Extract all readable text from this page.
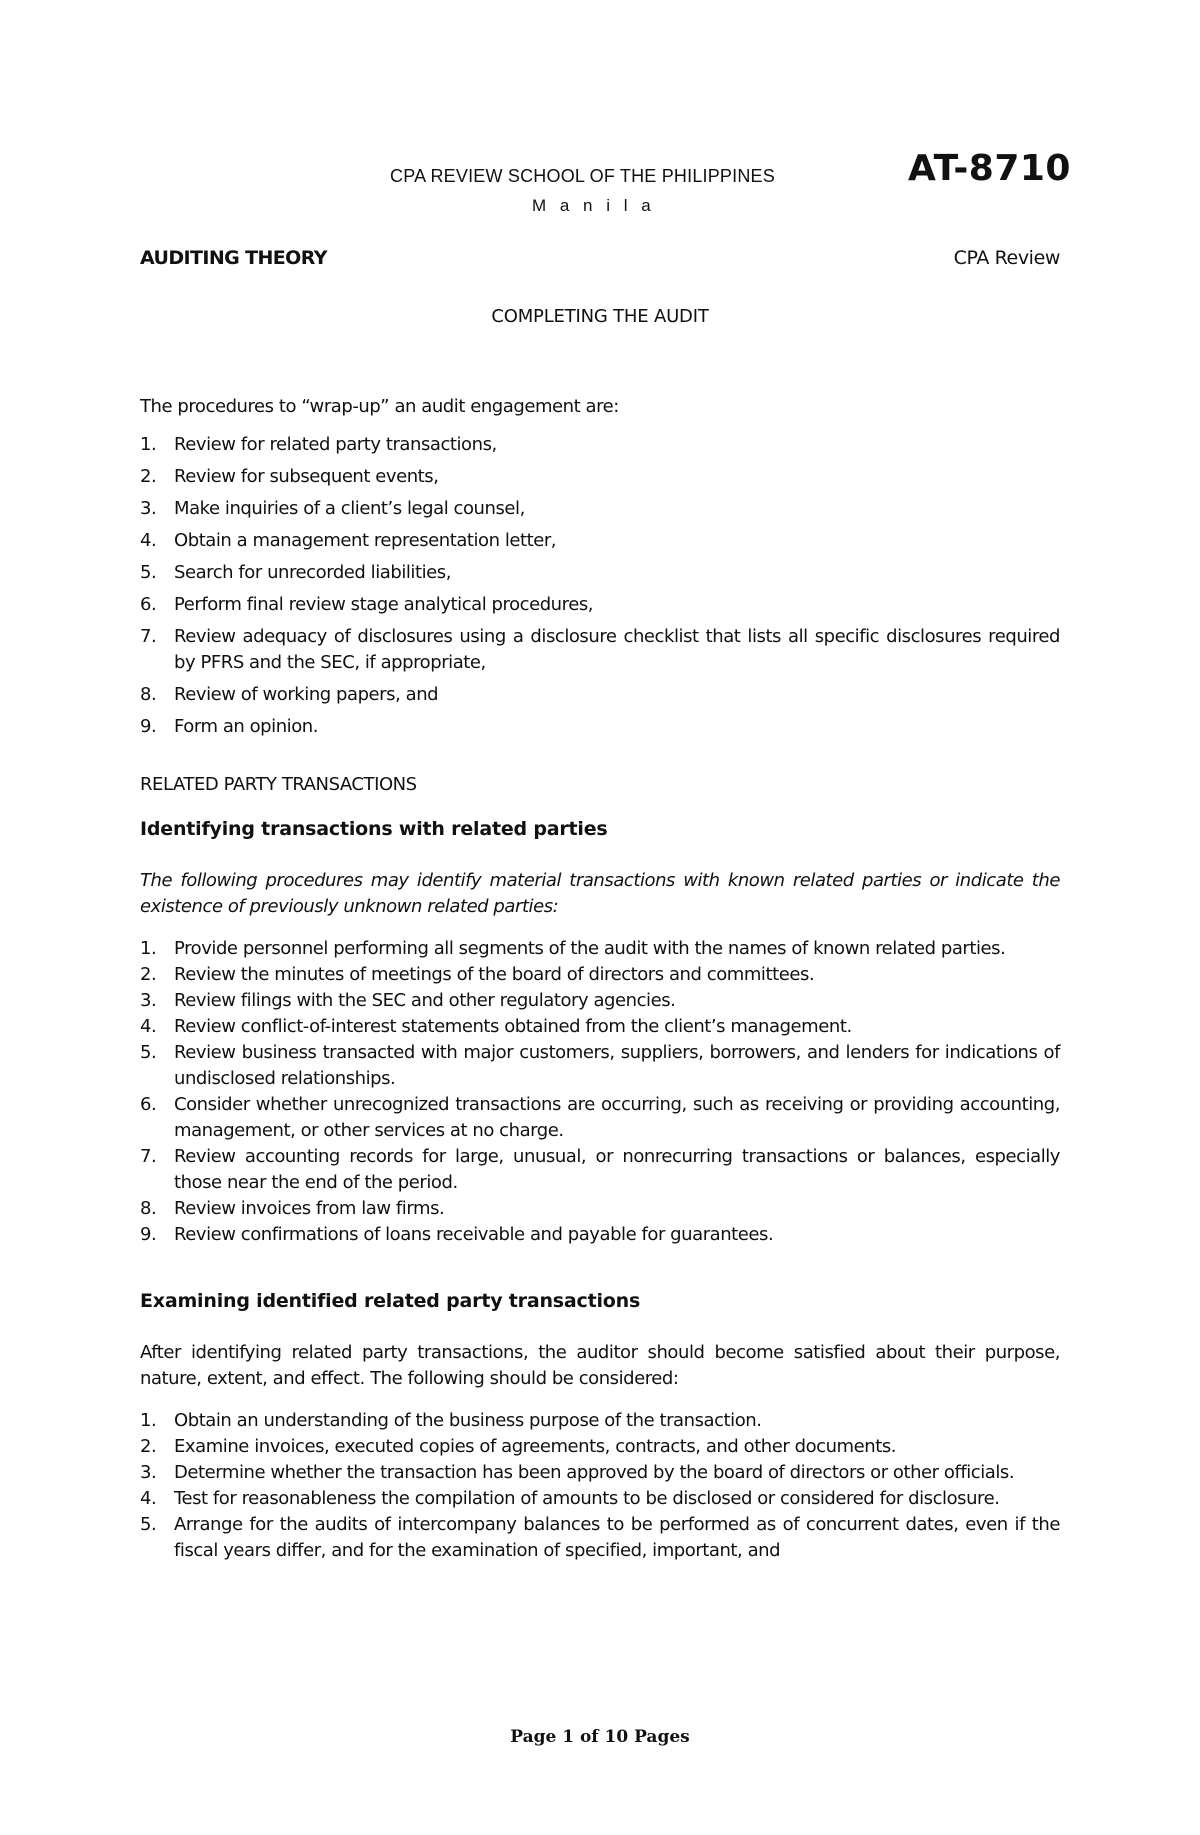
CPA REVIEW SCHOOL OF THE PHILIPPINES
M a n i l a
AT-8710
AUDITING THEORY	CPA Review
COMPLETING THE AUDIT

The procedures to “wrap-up” an audit engagement are:

1. Review for related party transactions,
2. Review for subsequent events,
3. Make inquiries of a client’s legal counsel,
4. Obtain a management representation letter,
5. Search for unrecorded liabilities,
6. Perform final review stage analytical procedures,
7. Review adequacy of disclosures using a disclosure checklist that lists all specific disclosures required by PFRS and the SEC, if appropriate,
8. Review of working papers, and
9. Form an opinion.

RELATED PARTY TRANSACTIONS

Identifying transactions with related parties

The following procedures may identify material transactions with known related parties or indicate the existence of previously unknown related parties:

1. Provide personnel performing all segments of the audit with the names of known related parties.
2. Review the minutes of meetings of the board of directors and committees.
3. Review filings with the SEC and other regulatory agencies.
4. Review conflict-of-interest statements obtained from the client’s management.
5. Review business transacted with major customers, suppliers, borrowers, and lenders for indications of undisclosed relationships.
6. Consider whether unrecognized transactions are occurring, such as receiving or providing accounting, management, or other services at no charge.
7. Review accounting records for large, unusual, or nonrecurring transactions or balances, especially those near the end of the period.
8. Review invoices from law firms.
9. Review confirmations of loans receivable and payable for guarantees.

Examining identified related party transactions

After identifying related party transactions, the auditor should become satisfied about their purpose, nature, extent, and effect. The following should be considered:

1. Obtain an understanding of the business purpose of the transaction.
2. Examine invoices, executed copies of agreements, contracts, and other documents.
3. Determine whether the transaction has been approved by the board of directors or other officials.
4. Test for reasonableness the compilation of amounts to be disclosed or considered for disclosure.
5. Arrange for the audits of intercompany balances to be performed as of concurrent dates, even if the fiscal years differ, and for the examination of specified, important, and
Page 1 of 10 Pages
